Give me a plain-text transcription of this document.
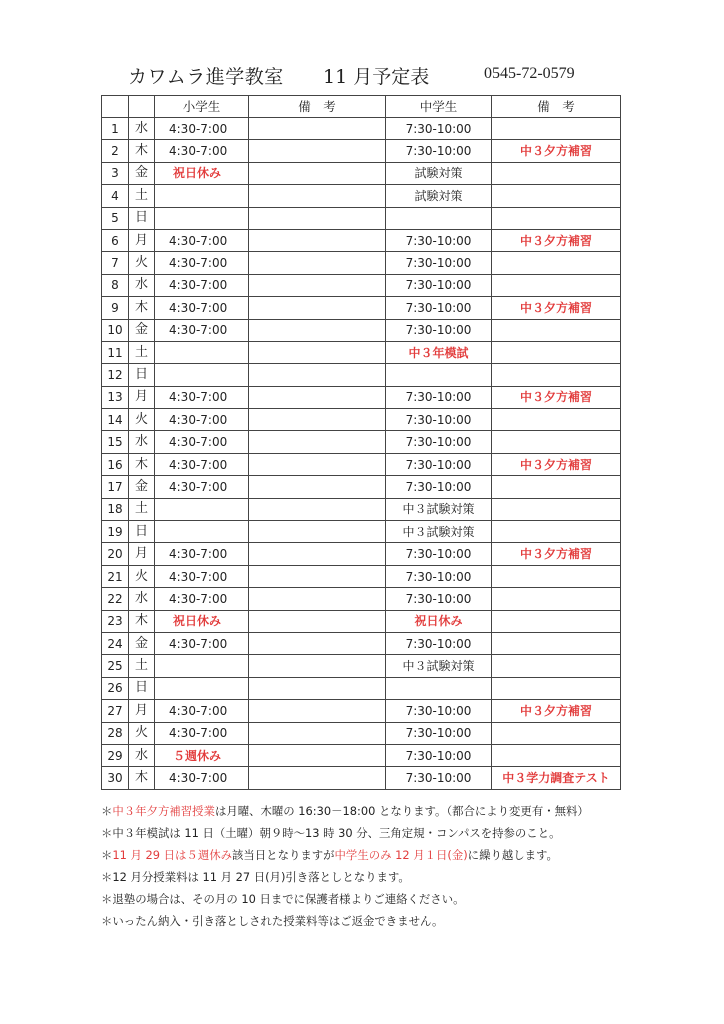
カワムラ進学教室 11 月予定表	0545-72-0579
		小学生	備　考	中学生	備　考
1	水	4:30-7:00		7:30-10:00	
2	木	4:30-7:00		7:30-10:00	中３夕方補習
3	金	祝日休み		試験対策	
4	土			試験対策	
5	日				
6	月	4:30-7:00		7:30-10:00	中３夕方補習
7	火	4:30-7:00		7:30-10:00	
8	水	4:30-7:00		7:30-10:00	
9	木	4:30-7:00		7:30-10:00	中３夕方補習
10	金	4:30-7:00		7:30-10:00	
11	土			中３年模試	
12	日				
13	月	4:30-7:00		7:30-10:00	中３夕方補習
14	火	4:30-7:00		7:30-10:00	
15	水	4:30-7:00		7:30-10:00	
16	木	4:30-7:00		7:30-10:00	中３夕方補習
17	金	4:30-7:00		7:30-10:00	
18	土			中３試験対策	
19	日			中３試験対策	
20	月	4:30-7:00		7:30-10:00	中３夕方補習
21	火	4:30-7:00		7:30-10:00	
22	水	4:30-7:00		7:30-10:00	
23	木	祝日休み		祝日休み	
24	金	4:30-7:00		7:30-10:00	
25	土			中３試験対策	
26	日				
27	月	4:30-7:00		7:30-10:00	中３夕方補習
28	火	4:30-7:00		7:30-10:00	
29	水	５週休み		7:30-10:00	
30	木	4:30-7:00		7:30-10:00	中３学力調査テスト
＊中３年夕方補習授業は月曜、木曜の 16:30－18:00 となります。（都合により変更有・無料）
＊中３年模試は 11 日（土曜）朝９時～13 時 30 分、三角定規・コンパスを持参のこと。
＊11 月 29 日は５週休み該当日となりますが中学生のみ 12 月１日(金)に繰り越します。
＊12 月分授業料は 11 月 27 日(月)引き落としとなります。
＊退塾の場合は、その月の 10 日までに保護者様よりご連絡ください。
＊いったん納入・引き落としされた授業料等はご返金できません。
